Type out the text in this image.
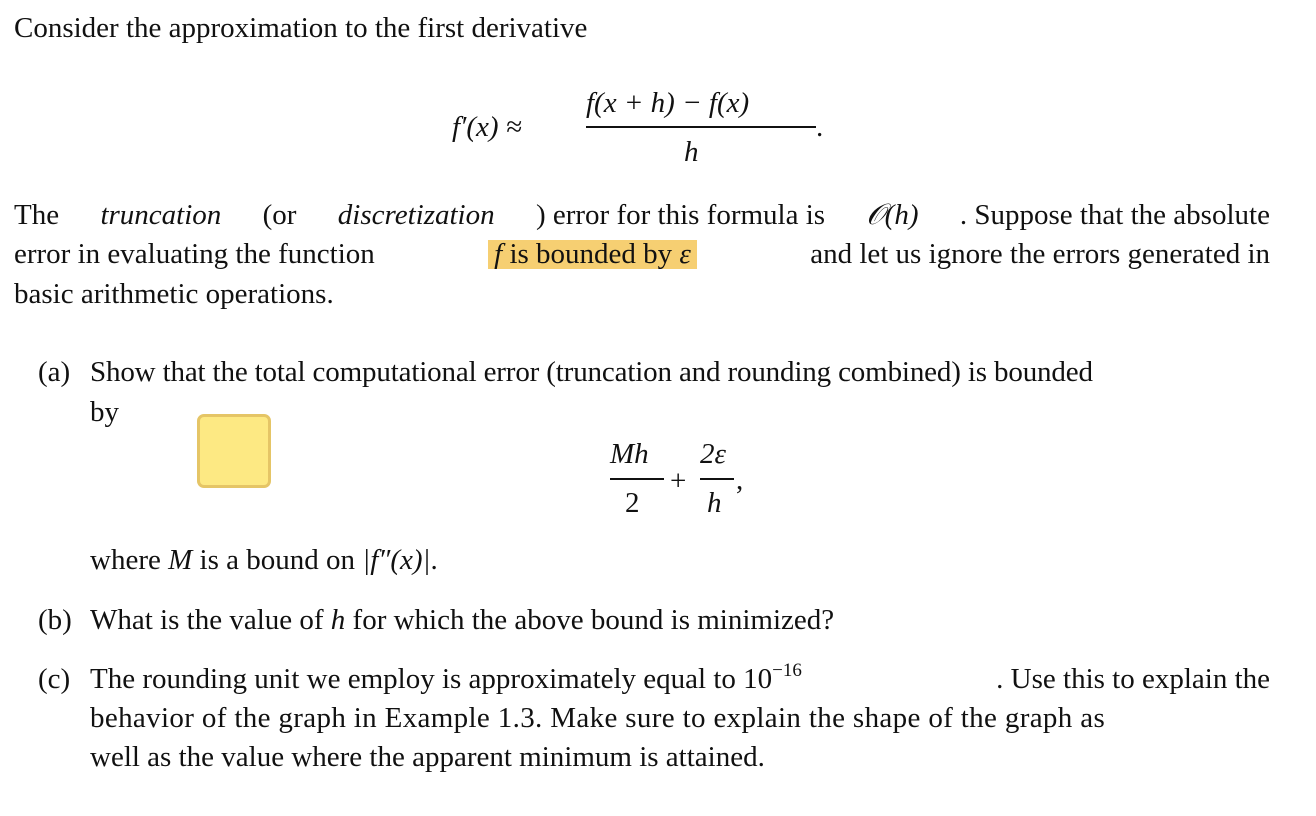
Consider the approximation to the first derivative
f′(x) ≈
f(x + h) − f(x)
h
.
The truncation (or discretization ) error for this formula is 𝒪(h) . Suppose that the absolute
error in evaluating the function	f is bounded by ε	and let us ignore the errors generated in
basic arithmetic operations.
(a) Show that the total computational error (truncation and rounding combined) is bounded
by
Mh
2
+
2ε
h
,
where M is a bound on |f″(x)|.
(b) What is the value of h for which the above bound is minimized?
(c) The rounding unit we employ is approximately equal to $10^{-16}$	. Use this to explain the
behavior of the graph in Example 1.3. Make sure to explain the shape of the graph as
well as the value where the apparent minimum is attained.
